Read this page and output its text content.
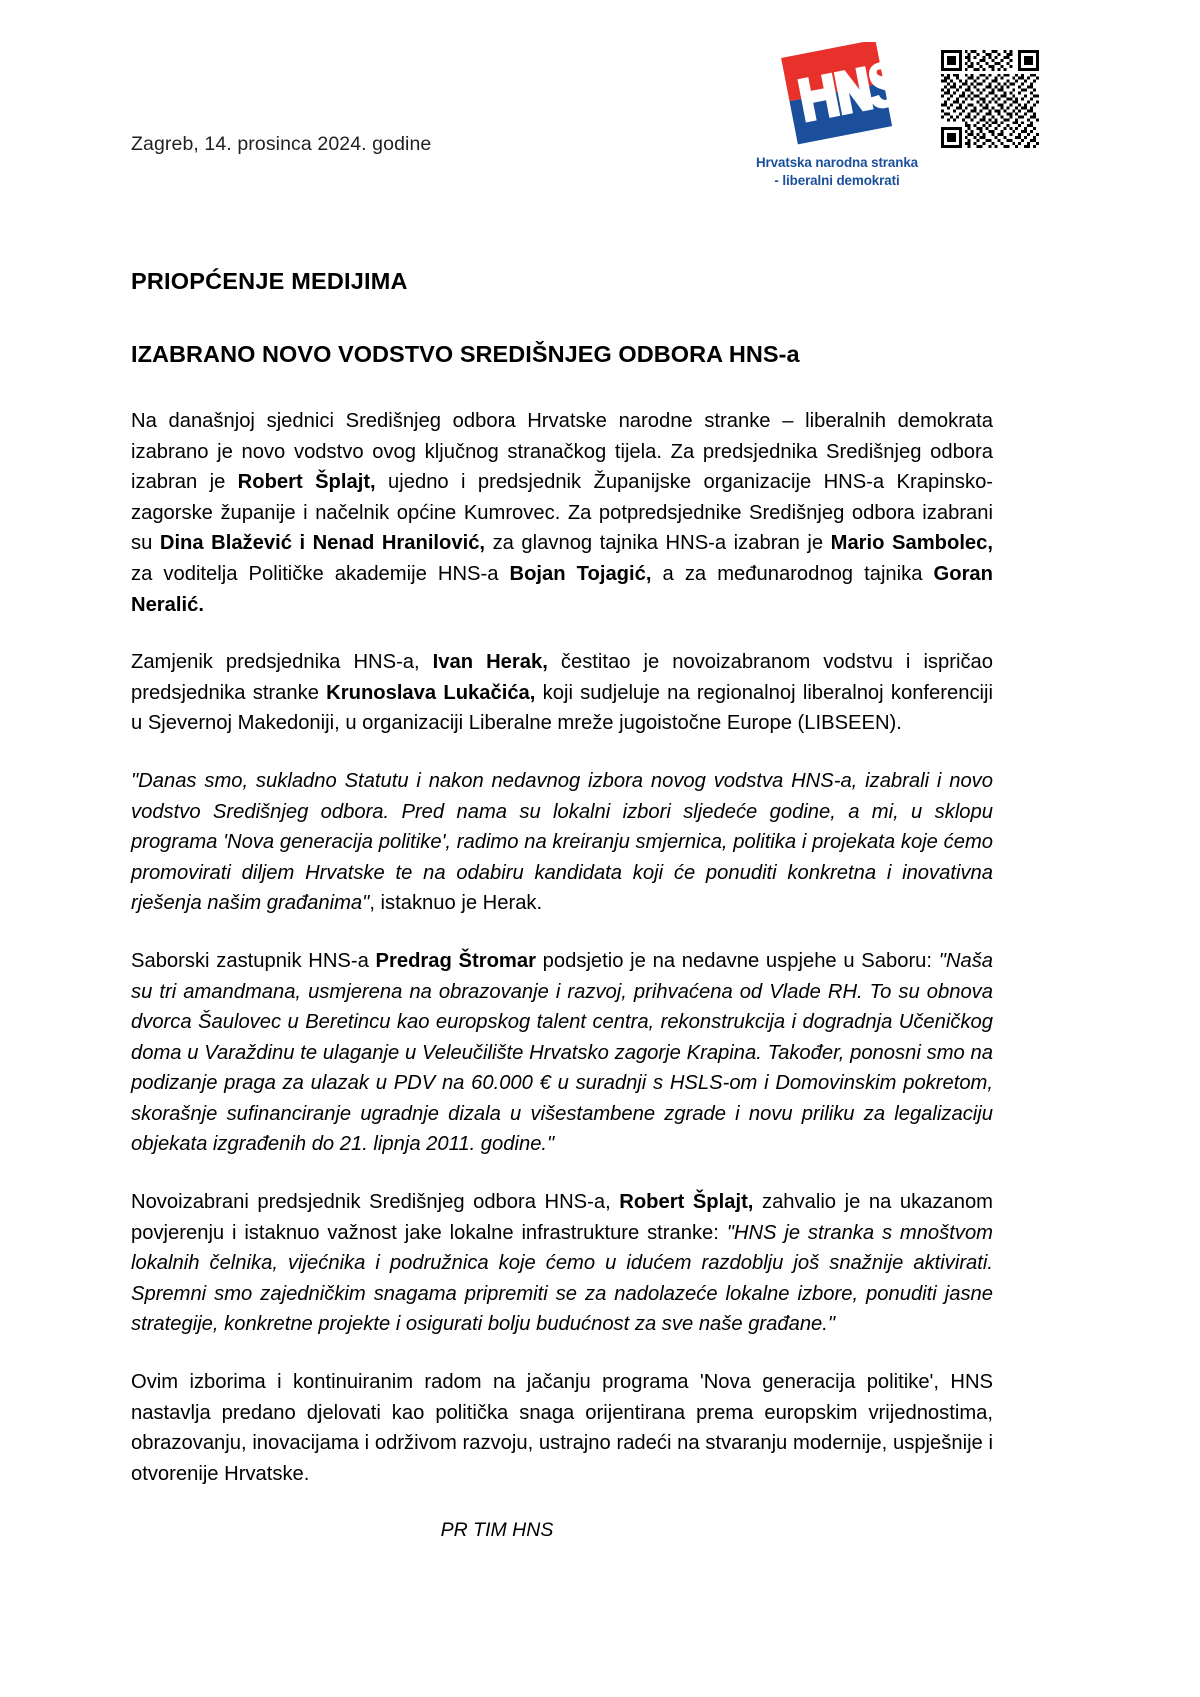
Zagreb, 14. prosinca 2024. godine
Hrvatska narodna stranka
- liberalni demokrati
PRIOPĆENJE MEDIJIMA
IZABRANO NOVO VODSTVO SREDIŠNJEG ODBORA HNS-a

Na današnjoj sjednici Središnjeg odbora Hrvatske narodne stranke – liberalnih demokrata izabrano je novo vodstvo ovog ključnog stranačkog tijela. Za predsjednika Središnjeg odbora izabran je Robert Šplajt, ujedno i predsjednik Županijske organizacije HNS-a Krapinsko-zagorske županije i načelnik općine Kumrovec. Za potpredsjednike Središnjeg odbora izabrani su Dina Blažević i Nenad Hranilović, za glavnog tajnika HNS-a izabran je Mario Sambolec, za voditelja Političke akademije HNS-a Bojan Tojagić, a za međunarodnog tajnika Goran Neralić.

Zamjenik predsjednika HNS-a, Ivan Herak, čestitao je novoizabranom vodstvu i ispričao predsjednika stranke Krunoslava Lukačića, koji sudjeluje na regionalnoj liberalnoj konferenciji u Sjevernoj Makedoniji, u organizaciji Liberalne mreže jugoistočne Europe (LIBSEEN).

"Danas smo, sukladno Statutu i nakon nedavnog izbora novog vodstva HNS-a, izabrali i novo vodstvo Središnjeg odbora. Pred nama su lokalni izbori sljedeće godine, a mi, u sklopu programa 'Nova generacija politike', radimo na kreiranju smjernica, politika i projekata koje ćemo promovirati diljem Hrvatske te na odabiru kandidata koji će ponuditi konkretna i inovativna rješenja našim građanima", istaknuo je Herak.

Saborski zastupnik HNS-a Predrag Štromar podsjetio je na nedavne uspjehe u Saboru: "Naša su tri amandmana, usmjerena na obrazovanje i razvoj, prihvaćena od Vlade RH. To su obnova dvorca Šaulovec u Beretincu kao europskog talent centra, rekonstrukcija i dogradnja Učeničkog doma u Varaždinu te ulaganje u Veleučilište Hrvatsko zagorje Krapina. Također, ponosni smo na podizanje praga za ulazak u PDV na 60.000 € u suradnji s HSLS-om i Domovinskim pokretom, skorašnje sufinanciranje ugradnje dizala u višestambene zgrade i novu priliku za legalizaciju objekata izgrađenih do 21. lipnja 2011. godine."

Novoizabrani predsjednik Središnjeg odbora HNS-a, Robert Šplajt, zahvalio je na ukazanom povjerenju i istaknuo važnost jake lokalne infrastrukture stranke: "HNS je stranka s mnoštvom lokalnih čelnika, vijećnika i podružnica koje ćemo u idućem razdoblju još snažnije aktivirati. Spremni smo zajedničkim snagama pripremiti se za nadolazeće lokalne izbore, ponuditi jasne strategije, konkretne projekte i osigurati bolju budućnost za sve naše građane."

Ovim izborima i kontinuiranim radom na jačanju programa 'Nova generacija politike', HNS nastavlja predano djelovati kao politička snaga orijentirana prema europskim vrijednostima, obrazovanju, inovacijama i održivom razvoju, ustrajno radeći na stvaranju modernije, uspješnije i otvorenije Hrvatske.

PR TIM HNS
